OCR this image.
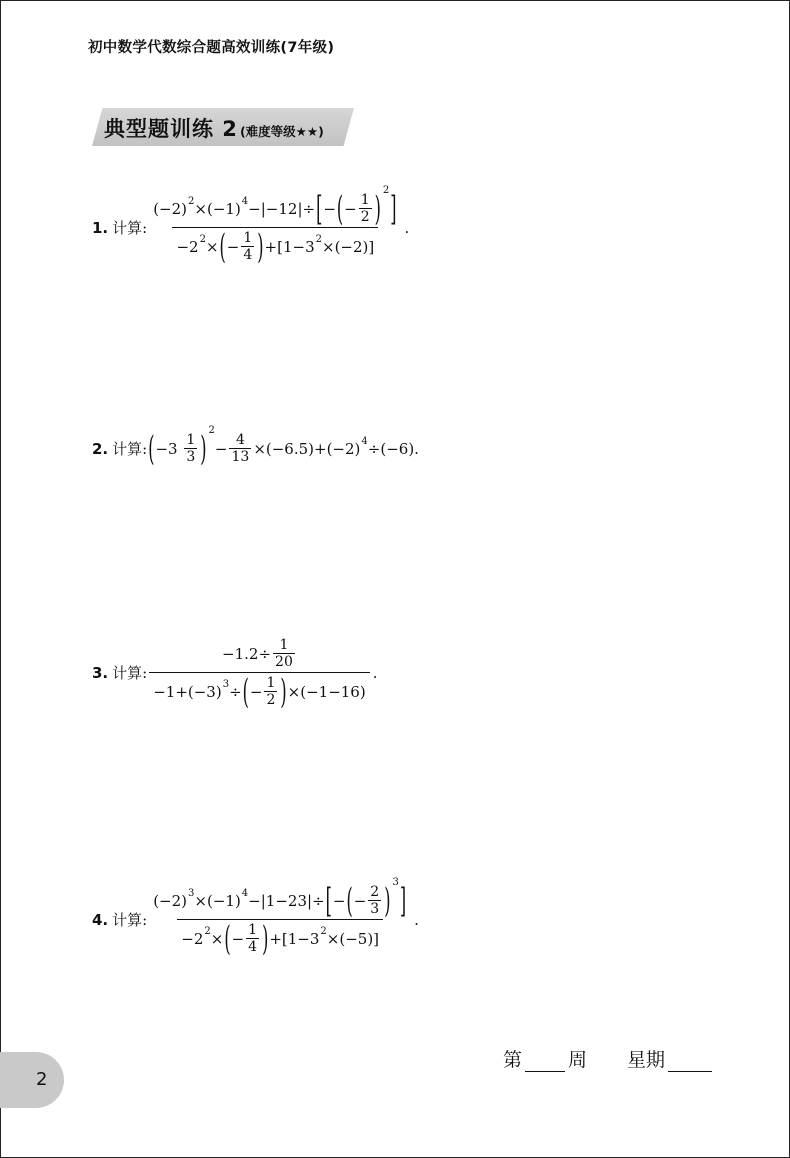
初中数学代数综合题高效训练(7年级)
典型题训练 2 (难度等级★★)
1. 计算: $\frac{(-2) 2 \times(-1) 4 -|-12|\div [ - ( - \frac{1}{2} ) 2 ]}{-2 2 \times ( - \frac{1}{4} ) +[1-3 2 \times(-2)]}$ .
2. 计算: ( −3
$\frac{1}{3}$ ) 2
− $\frac{4}{13} \times(-6.5)+(-2)$ 4 ÷(−6).
3. 计算: $\frac{-1.2\div \frac{1}{20}}{-1+(-3) 3 \div ( - \frac{1}{2} ) \times(-1-16)}$ .
4. 计算: $\frac{(-2) 3 \times(-1) 4 -|1-23|\div [ - ( - \frac{2}{3} ) 3 ]}{-2 2 \times ( - \frac{1}{4} ) +[1-3 2 \times(-5)]}$ .
第 周 星期
2
